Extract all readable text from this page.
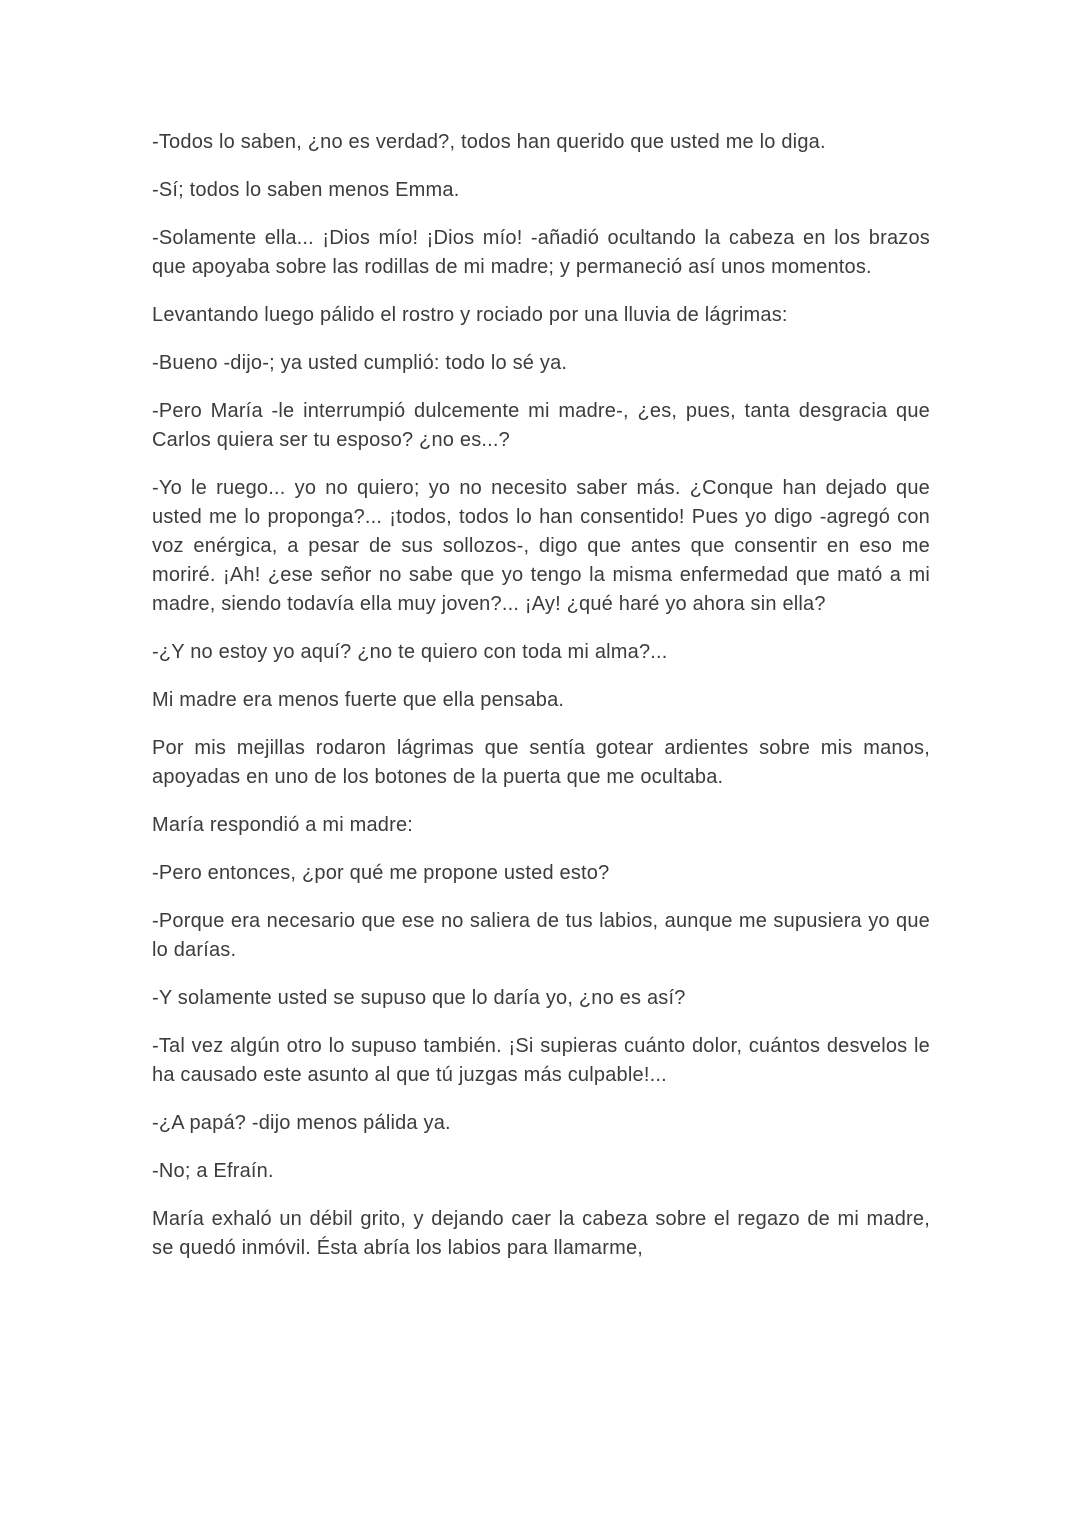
-Todos lo saben, ¿no es verdad?, todos han querido que usted me lo diga.

-Sí; todos lo saben menos Emma.

-Solamente ella... ¡Dios mío! ¡Dios mío! -añadió ocultando la cabeza en los brazos que apoyaba sobre las rodillas de mi madre; y permaneció así unos momentos.

Levantando luego pálido el rostro y rociado por una lluvia de lágrimas:

-Bueno -dijo-; ya usted cumplió: todo lo sé ya.

-Pero María -le interrumpió dulcemente mi madre-, ¿es, pues, tanta desgracia que Carlos quiera ser tu esposo? ¿no es...?

-Yo le ruego... yo no quiero; yo no necesito saber más. ¿Conque han dejado que usted me lo proponga?... ¡todos, todos lo han consentido! Pues yo digo -agregó con voz enérgica, a pesar de sus sollozos-, digo que antes que consentir en eso me moriré. ¡Ah! ¿ese señor no sabe que yo tengo la misma enfermedad que mató a mi madre, siendo todavía ella muy joven?... ¡Ay! ¿qué haré yo ahora sin ella?

-¿Y no estoy yo aquí? ¿no te quiero con toda mi alma?...

Mi madre era menos fuerte que ella pensaba.

Por mis mejillas rodaron lágrimas que sentía gotear ardientes sobre mis manos, apoyadas en uno de los botones de la puerta que me ocultaba.

María respondió a mi madre:

-Pero entonces, ¿por qué me propone usted esto?

-Porque era necesario que ese no saliera de tus labios, aunque me supusiera yo que lo darías.

-Y solamente usted se supuso que lo daría yo, ¿no es así?

-Tal vez algún otro lo supuso también. ¡Si supieras cuánto dolor, cuántos desvelos le ha causado este asunto al que tú juzgas más culpable!...

-¿A papá? -dijo menos pálida ya.

-No; a Efraín.

María exhaló un débil grito, y dejando caer la cabeza sobre el regazo de mi madre, se quedó inmóvil. Ésta abría los labios para llamarme,
